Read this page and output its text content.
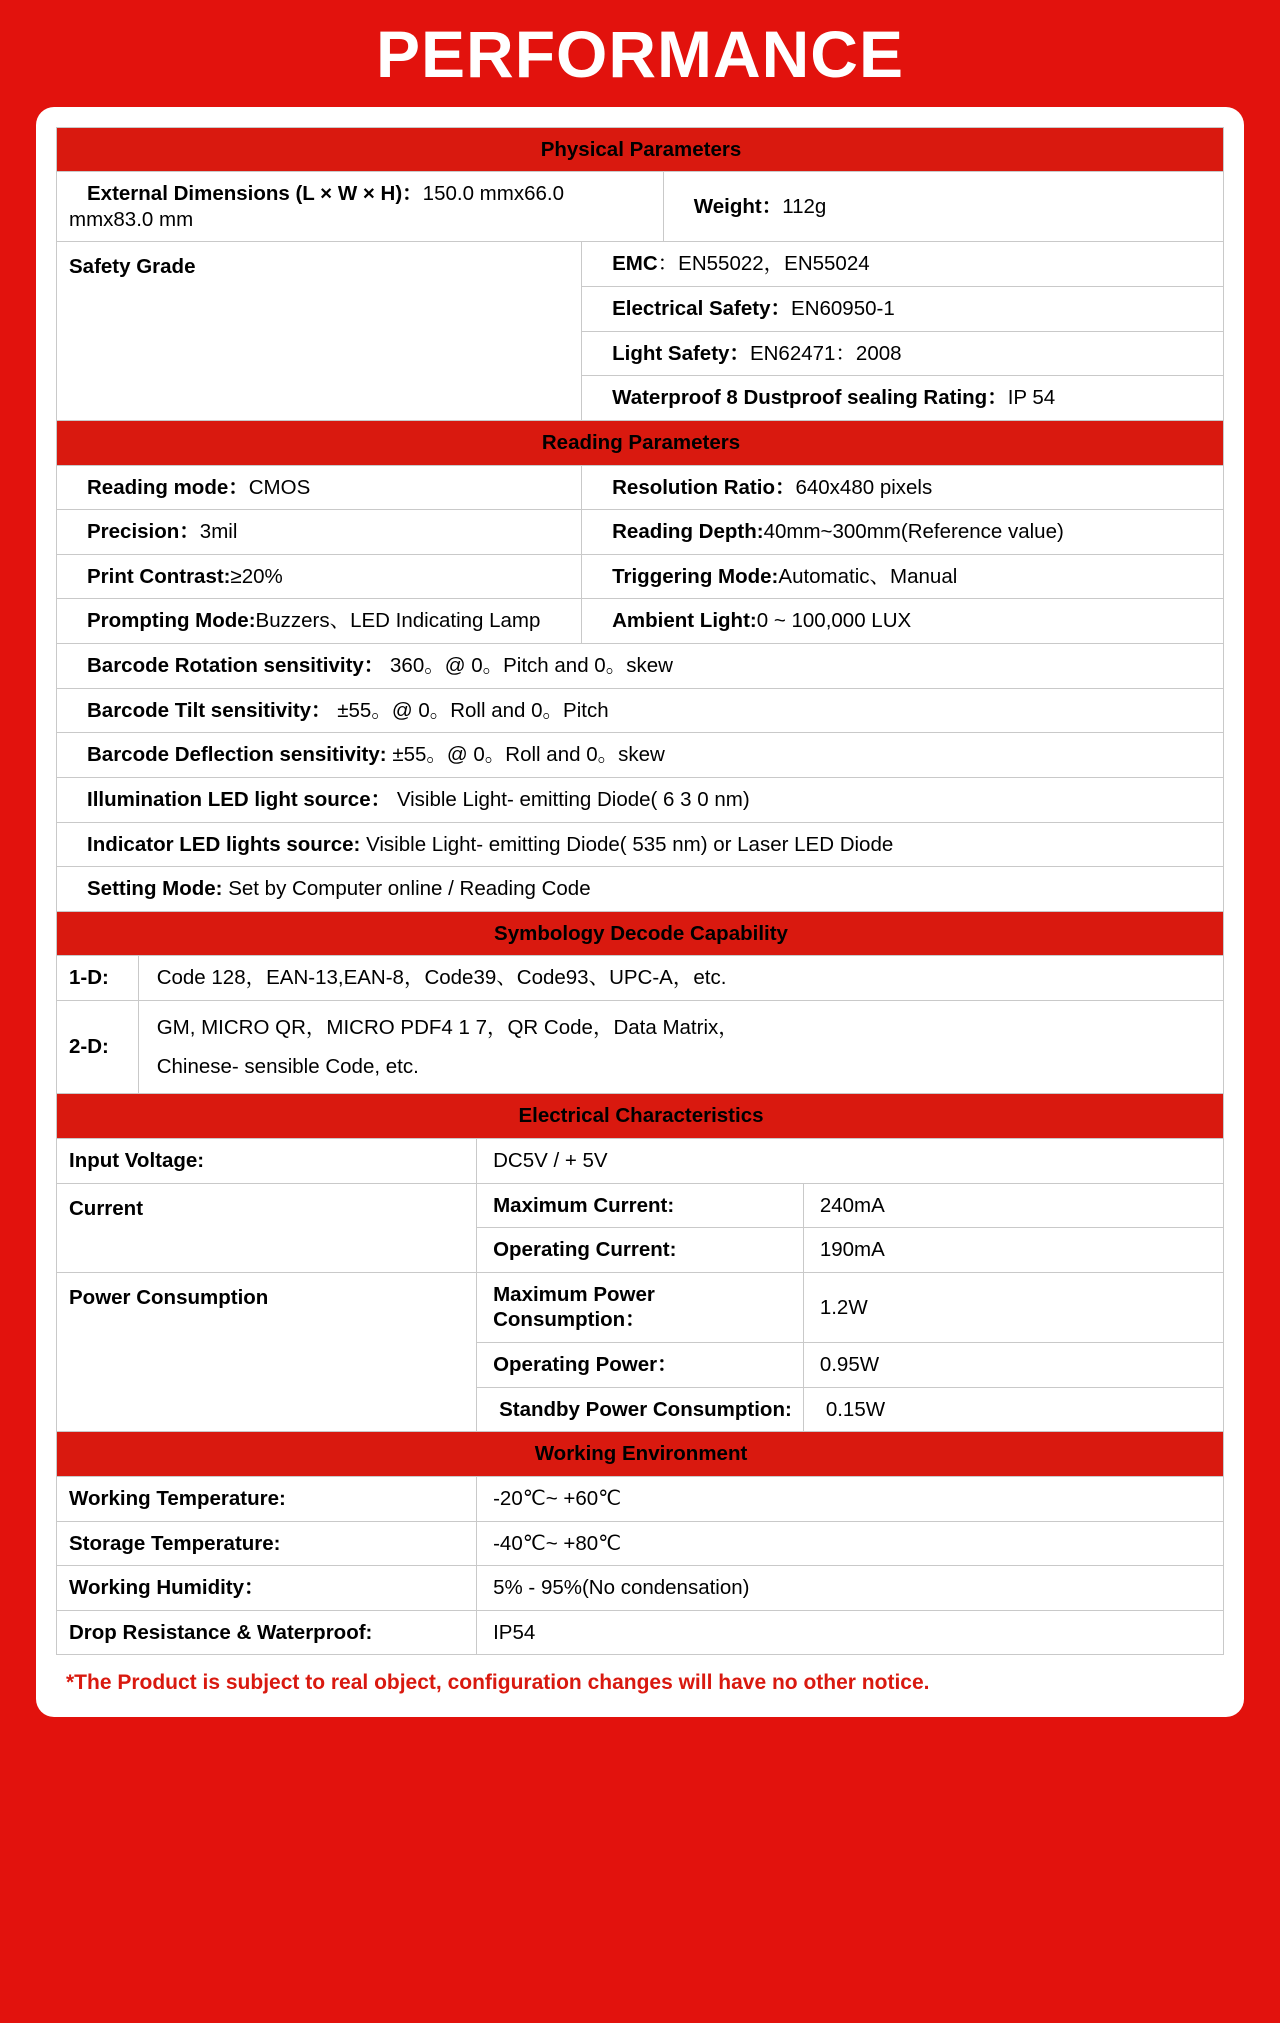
PERFORMANCE
Physical Parameters					
External Dimensions (L × W × H)：150.0 mmx66.0 mmx83.0 mm				Weight：112g	
Safety Grade			EMC：EN55022，EN55024		
			Electrical Safety：EN60950-1		
			Light Safety：EN62471：2008		
			Waterproof 8 Dustproof sealing Rating：IP 54		
Reading Parameters					
Reading mode：CMOS			Resolution Ratio：640x480 pixels		
Precision：3mil			Reading Depth:40mm~300mm(Reference value)		
Print Contrast:≥20%			Triggering Mode:Automatic、Manual		
Prompting Mode:Buzzers、LED Indicating Lamp			Ambient Light:0 ~ 100,000 LUX		
Barcode Rotation sensitivity： 360。@ 0。Pitch and 0。skew					
Barcode Tilt sensitivity： ±55。@ 0。Roll and 0。Pitch					
Barcode Deflection sensitivity: ±55。@ 0。Roll and 0。skew					
Illumination LED light source： Visible Light- emitting Diode( 6 3 0 nm)					
Indicator LED lights source: Visible Light- emitting Diode( 535 nm) or Laser LED Diode					
Setting Mode: Set by Computer online / Reading Code					
Symbology Decode Capability					
1-D:	Code 128，EAN-13,EAN-8，Code39、Code93、UPC-A，etc.				
2-D:	GM, MICRO QR，MICRO PDF4 1 7，QR Code，Data Matrix，
Chinese- sensible Code, etc.				

Electrical Characteristics					
Input Voltage:		DC5V / + 5V			
Current		Maximum Current:			240mA
		Operating Current:			190mA
Power Consumption		Maximum Power Consumption：			1.2W
		Operating Power：			0.95W
		Standby Power Consumption:			0.15W
Working Environment					
Working Temperature:		-20℃~ +60℃			
Storage Temperature:		-40℃~ +80℃			
Working Humidity：		5% - 95%(No condensation)			
Drop Resistance & Waterproof:		IP54			
*The Product is subject to real object, configuration changes will have no other notice.
